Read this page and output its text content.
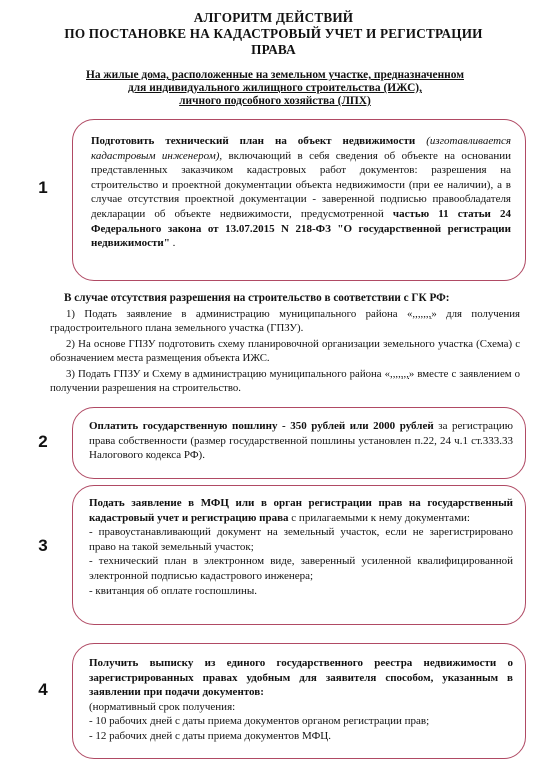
АЛГОРИТМ ДЕЙСТВИЙ
ПО ПОСТАНОВКЕ НА КАДАСТРОВЫЙ УЧЕТ И РЕГИСТРАЦИИ
ПРАВА
На жилые дома, расположенные на земельном участке, предназначенном
для индивидуального жилищного строительства (ИЖС),
личного подсобного хозяйства (ЛПХ)
1

Подготовить технический план на объект недвижимости (изготавливается кадастровым инженером), включающий в себя сведения об объекте на основании представленных заказчиком кадастровых работ документов: разрешения на строительство и проектной документации объекта недвижимости (при ее наличии), а в случае отсутствия проектной документации - заверенной подписью правообладателя декларации об объекте недвижимости, предусмотренной частью 11 статьи 24 Федерального закона от 13.07.2015 N 218-ФЗ "О государственной регистрации недвижимости" .

В случае отсутствия разрешения на строительство в соответствии с ГК РФ:

1) Подать заявление в администрацию муниципального района «,,,,,,,» для получения градостроительного плана земельного участка (ГПЗУ).

2) На основе ГПЗУ подготовить схему планировочной организации земельного участка (Схема) с обозначением места размещения объекта ИЖС.

3) Подать ГПЗУ и Схему в администрацию муниципального района «,,,,,,,» вместе с заявлением о получении разрешения на строительство.

2

Оплатить государственную пошлину - 350 рублей или 2000 рублей за регистрацию права собственности (размер государственной пошлины установлен п.22, 24 ч.1 ст.333.33 Налогового кодекса РФ).

3

Подать заявление в МФЦ или в орган регистрации прав на государственный кадастровый учет и регистрацию права с прилагаемыми к нему документами:

- правоустанавливающий документ на земельный участок, если не зарегистрировано право на такой земельный участок;

- технический план в электронном виде, заверенный усиленной квалифицированной электронной подписью кадастрового инженера;

- квитанция об оплате госпошлины.

4

Получить выписку из единого государственного реестра недвижимости о зарегистрированных правах удобным для заявителя способом, указанным в заявлении при подачи документов:

(нормативный срок получения:

- 10 рабочих дней с даты приема документов органом регистрации прав;

- 12 рабочих дней с даты приема документов МФЦ.
